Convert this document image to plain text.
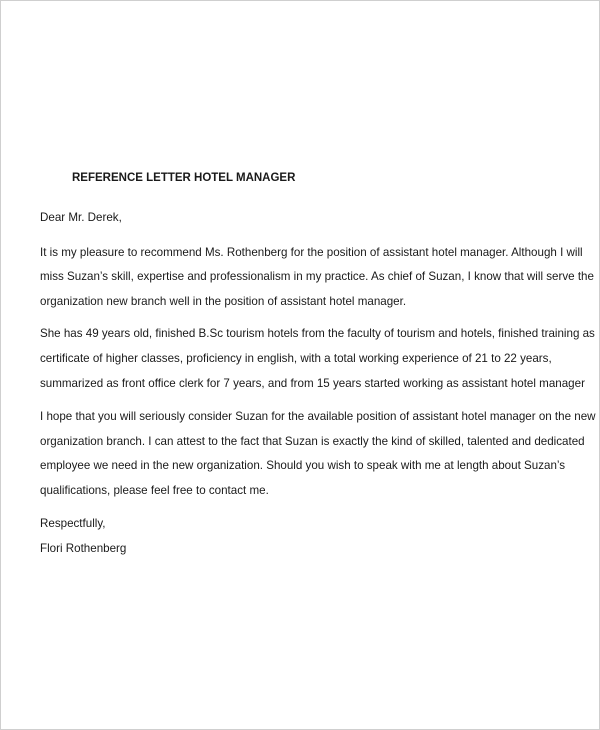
REFERENCE LETTER HOTEL MANAGER
Dear Mr. Derek,
It is my pleasure to recommend Ms. Rothenberg for the position of assistant hotel manager. Although I will
miss Suzan’s skill, expertise and professionalism in my practice. As chief of Suzan, I know that will serve the
organization new branch well in the position of assistant hotel manager.
She has 49 years old, finished B.Sc tourism hotels from the faculty of tourism and hotels, finished training as
certificate of higher classes, proficiency in english, with a total working experience of 21 to 22 years,
summarized as front office clerk for 7 years, and from 15 years started working as assistant hotel manager
I hope that you will seriously consider Suzan for the available position of assistant hotel manager on the new
organization branch. I can attest to the fact that Suzan is exactly the kind of skilled, talented and dedicated
employee we need in the new organization. Should you wish to speak with me at length about Suzan’s
qualifications, please feel free to contact me.
Respectfully,
Flori Rothenberg
